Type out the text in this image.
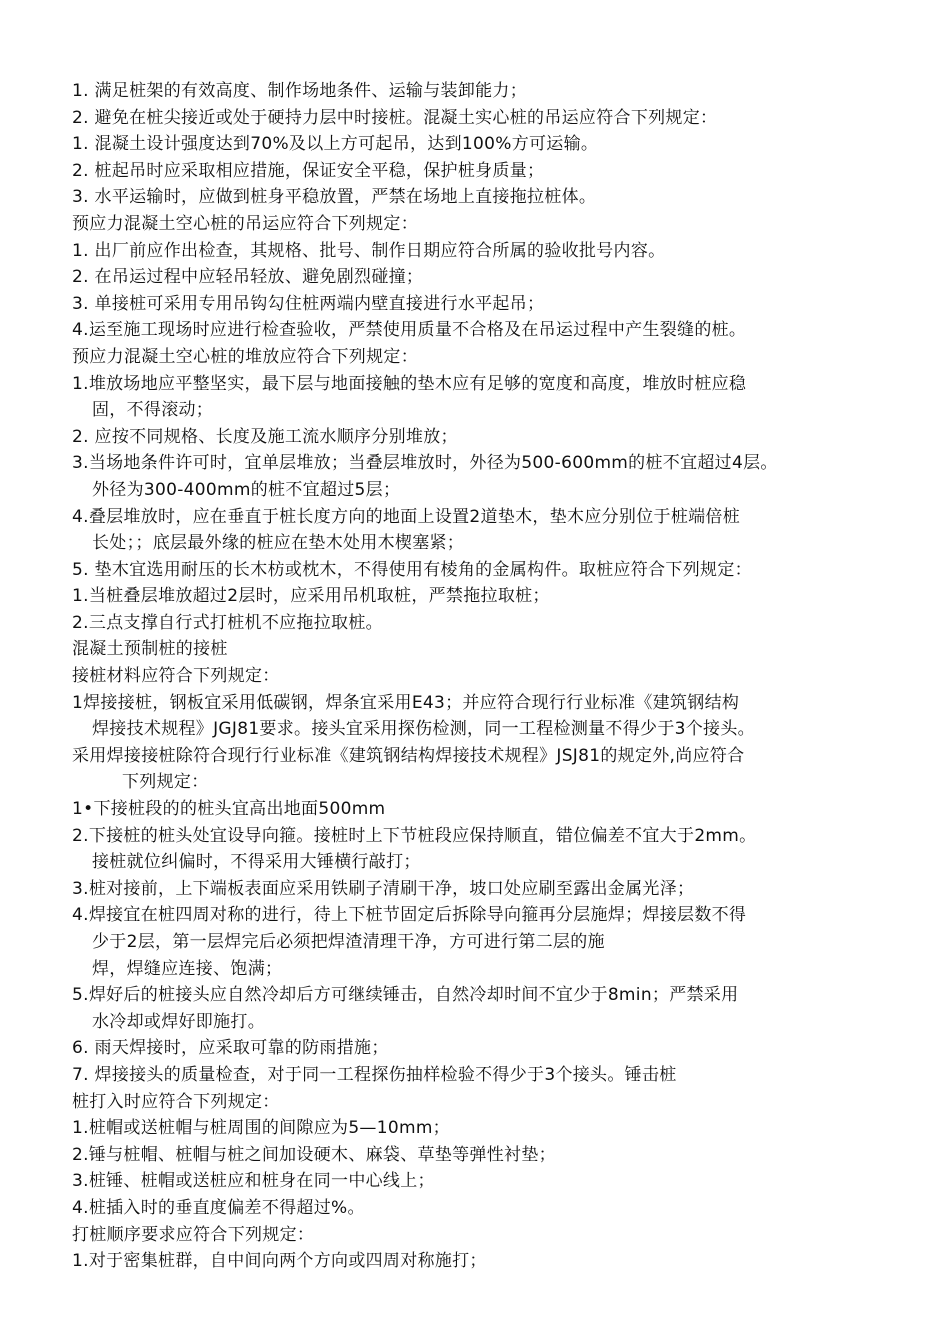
1. 满足桩架的有效高度、制作场地条件、运输与装卸能力；
2. 避免在桩尖接近或处于硬持力层中时接桩。混凝土实心桩的吊运应符合下列规定：
1. 混凝土设计强度达到70%及以上方可起吊，达到100%方可运输。
2. 桩起吊时应采取相应措施，保证安全平稳，保护桩身质量；
3. 水平运输时，应做到桩身平稳放置，严禁在场地上直接拖拉桩体。
预应力混凝土空心桩的吊运应符合下列规定：
1. 出厂前应作出检查，其规格、批号、制作日期应符合所属的验收批号内容。
2. 在吊运过程中应轻吊轻放、避免剧烈碰撞；
3. 单接桩可采用专用吊钩勾住桩两端内壁直接进行水平起吊；
4.运至施工现场时应进行检查验收，严禁使用质量不合格及在吊运过程中产生裂缝的桩。
预应力混凝土空心桩的堆放应符合下列规定：
1.堆放场地应平整坚实，最下层与地面接触的垫木应有足够的宽度和高度，堆放时桩应稳
固，不得滚动；
2. 应按不同规格、长度及施工流水顺序分别堆放；
3.当场地条件许可时，宜单层堆放；当叠层堆放时，外径为500-600mm的桩不宜超过4层。
外径为300-400mm的桩不宜超过5层；
4.叠层堆放时，应在垂直于桩长度方向的地面上设置2道垫木，垫木应分别位于桩端倍桩
长处；；底层最外缘的桩应在垫木处用木楔塞紧；
5. 垫木宜选用耐压的长木枋或枕木，不得使用有棱角的金属构件。取桩应符合下列规定：
1.当桩叠层堆放超过2层时，应采用吊机取桩，严禁拖拉取桩；
2.三点支撑自行式打桩机不应拖拉取桩。
混凝土预制桩的接桩
接桩材料应符合下列规定：
1焊接接桩，钢板宜采用低碳钢，焊条宜采用E43；并应符合现行行业标准《建筑钢结构
焊接技术规程》JGJ81要求。接头宜采用探伤检测，同一工程检测量不得少于3个接头。
采用焊接接桩除符合现行行业标准《建筑钢结构焊接技术规程》JSJ81的规定外,尚应符合
下列规定：
1•下接桩段的的桩头宜高出地面500mm
2.下接桩的桩头处宜设导向箍。接桩时上下节桩段应保持顺直，错位偏差不宜大于2mm。
接桩就位纠偏时，不得采用大锤横行敲打；
3.桩对接前，上下端板表面应采用铁刷子清刷干净，坡口处应刷至露出金属光泽；
4.焊接宜在桩四周对称的进行，待上下桩节固定后拆除导向箍再分层施焊；焊接层数不得
少于2层，第一层焊完后必须把焊渣清理干净，方可进行第二层的施
焊，焊缝应连接、饱满；
5.焊好后的桩接头应自然冷却后方可继续锤击，自然冷却时间不宜少于8min；严禁采用
水冷却或焊好即施打。
6. 雨天焊接时，应采取可靠的防雨措施；
7. 焊接接头的质量检查，对于同一工程探伤抽样检验不得少于3个接头。锤击桩
桩打入时应符合下列规定：
1.桩帽或送桩帽与桩周围的间隙应为5—10mm；
2.锤与桩帽、桩帽与桩之间加设硬木、麻袋、草垫等弹性衬垫；
3.桩锤、桩帽或送桩应和桩身在同一中心线上；
4.桩插入时的垂直度偏差不得超过%。
打桩顺序要求应符合下列规定：
1.对于密集桩群，自中间向两个方向或四周对称施打；
